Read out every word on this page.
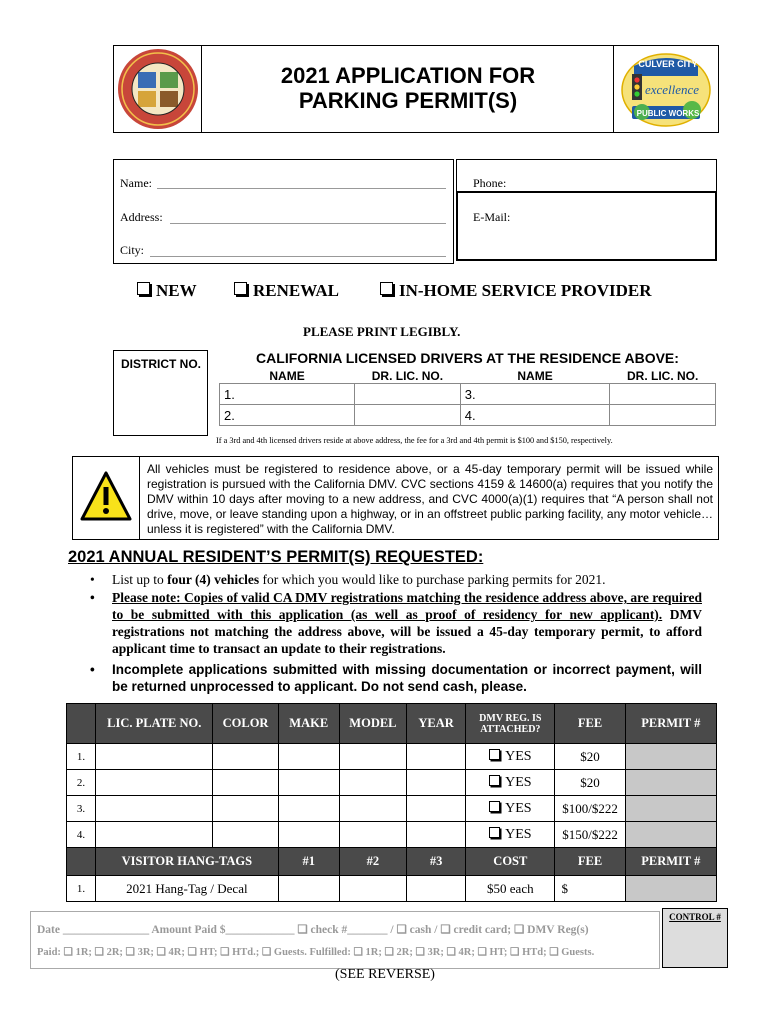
2021 APPLICATION FOR
PARKING PERMIT(S)
CULVER CITY
excellence
PUBLIC WORKS
Name:
Address:
City:
Phone:
E-Mail:
NEW	RENEWAL	IN-HOME SERVICE PROVIDER
PLEASE PRINT LEGIBLY.
DISTRICT NO.	CALIFORNIA LICENSED DRIVERS AT THE RESIDENCE ABOVE:
NAME	DR. LIC. NO.	NAME	DR. LIC. NO.
1.		3.	
2.		4.	
If a 3rd and 4th licensed drivers reside at above address, the fee for a 3rd and 4th permit is $100 and $150, respectively.
All vehicles must be registered to residence above, or a 45-day temporary permit will be issued while registration is pursued with the California DMV. CVC sections 4159 & 14600(a) requires that you notify the DMV within 10 days after moving to a new address, and CVC 4000(a)(1) requires that “A person shall not drive, move, or leave standing upon a highway, or in an offstreet public parking facility, any motor vehicle…unless it is registered” with the California DMV.
2021 ANNUAL RESIDENT’S PERMIT(S) REQUESTED:
• List up to four (4) vehicles for which you would like to purchase parking permits for 2021.
• Please note: Copies of valid CA DMV registrations matching the residence address above, are required to be submitted with this application (as well as proof of residency for new applicant). DMV registrations not matching the address above, will be issued a 45-day temporary permit, to afford applicant time to transact an update to their registrations.
• Incomplete applications submitted with missing documentation or incorrect payment, will be returned unprocessed to applicant. Do not send cash, please.
	LIC. PLATE NO.	COLOR	MAKE	MODEL	YEAR	DMV REG. IS ATTACHED?	FEE	PERMIT #
1.						YES	$20	
2.						YES	$20	
3.						YES	$100/$222	
4.						YES	$150/$222	
	VISITOR HANG-TAGS		#1	#2	#3	COST	FEE	PERMIT #
1.	2021 Hang-Tag / Decal					$50 each	$	
Date _______________ Amount Paid $____________ ❑ check #_______ / ❑ cash / ❑ credit card; ❑ DMV Reg(s)
Paid: ❑ 1R; ❑ 2R; ❑ 3R; ❑ 4R; ❑ HT; ❑ HTd.; ❑ Guests. Fulfilled: ❑ 1R; ❑ 2R; ❑ 3R; ❑ 4R; ❑ HT; ❑ HTd; ❑ Guests.
CONTROL #
(SEE REVERSE)
